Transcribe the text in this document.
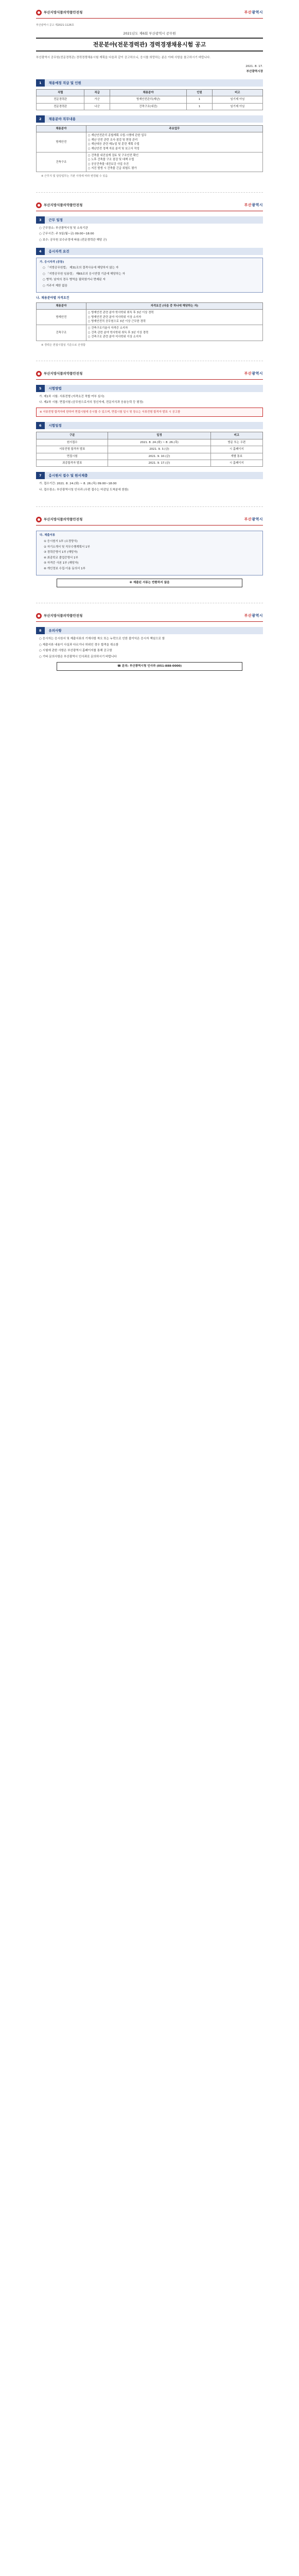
부산지방식품의약품안전청	부산광역시
부산광역시 공고 제2021-1126호
2021년도 제6회 부산광역시 공무원
전문분야(전문경력관) 경력경쟁채용시험 공고
부산광역시 공무원(전문경력관) 경력경쟁채용시험 계획을 다음과 같이 공고하오니, 응시를 희망하는 분은 아래 사항을 참고하시기 바랍니다.
2021. 8. 17.
부산광역시장
1	채용예정 직급 및 인원
직렬	직급	채용분야	인원	비고
전문경력관	가군	방재안전관리(재난)	1	임기제 아님
전문경력관	나군	건축구조(내진)	1	임기제 아님
2	채용분야 직무내용
채용분야	주요업무
방재안전	○ 재난안전관리 종합계획 수립·시행에 관한 업무
○ 재난 안전 관련 조사·점검 및 현장 관리
○ 재난대응 관련 매뉴얼 및 훈련 계획 수립
○ 재난안전 정책 자료 분석 및 보고서 작성
건축구조	○ 건축물 내진설계 검토 및 구조안전 확인
○ 노후 건축물 구조 점검 및 대책 수립
○ 공공건축물 내진보강 사업 추진
○ 지진 발생 시 건축물 긴급 위험도 평가
※ 근무지 및 담당업무는 기관 사정에 따라 변경될 수 있음
부산지방식품의약품안전청	부산광역시
3	근무 일정
○ 근무장소: 부산광역시청 및 소속기관
○ 근무시간: 주 5일(월~금) 09:00~18:00
○ 보수: 공무원 보수규정에 따름 (전문경력관 해당 군)
4	응시자격 요건
가. 응시자격 (공통)
○ 「지방공무원법」 제31조의 결격사유에 해당하지 않는 자
○ 「지방공무원 임용령」 제65조의 응시연령 기준에 해당하는 자
○ 병역: 남자의 경우 병역을 필하였거나 면제된 자
○ 거주지 제한 없음
나. 채용분야별 자격요건
채용분야	자격요건 (다음 중 하나에 해당하는 자)
방재안전	○ 방재안전 관련 분야 학사학위 취득 후 3년 이상 경력
○ 방재안전 관련 분야 석사학위 이상 소지자
○ 방재안전직 공무원으로 3년 이상 근무한 경력
건축구조	○ 건축구조기술사 자격증 소지자
○ 건축 관련 분야 학사학위 취득 후 3년 이상 경력
○ 건축구조 관련 분야 석사학위 이상 소지자
※ 경력은 면접시험일 기준으로 산정함
부산지방식품의약품안전청	부산광역시
5	시험방법
가. 제1차 시험: 서류전형 (자격요건 적합 여부 심사)
나. 제2차 시험: 면접시험 (공무원으로서의 정신자세, 전문지식과 응용능력 등 평정)
※ 서류전형 합격자에 한하여 면접시험에 응시할 수 있으며, 면접시험 일시 및 장소는 서류전형 합격자 발표 시 공고함
6	시험일정
구분	일정	비고
원서접수	2021. 8. 24.(화) ~ 8. 26.(목)	방문 또는 우편
서류전형 합격자 발표	2021. 9. 3.(금)	시 홈페이지
면접시험	2021. 9. 10.(금)	개별 통보
최종합격자 발표	2021. 9. 17.(금)	시 홈페이지
7	응시원서 접수 및 원서제출
가. 접수기간: 2021. 8. 24.(화) ~ 8. 26.(목) 09:00~18:00
나. 접수장소: 부산광역시청 인사과 (우편 접수는 마감일 도착분에 한함)
부산지방식품의약품안전청	부산광역시
다. 제출서류
① 응시원서 1부 (소정양식)
② 자기소개서 및 직무수행계획서 1부
③ 경력증명서 1부 (해당자)
④ 최종학교 졸업증명서 1부
⑤ 자격증 사본 1부 (해당자)
⑥ 개인정보 수집·이용 동의서 1부
※ 제출된 서류는 반환하지 않음
부산지방식품의약품안전청	부산광역시
8	유의사항
○ 응시자는 응시원서 및 제출서류의 기재사항 착오 또는 누락으로 인한 불이익은 응시자 책임으로 함
○ 제출서류 내용이 사실과 다르거나 허위인 경우 합격을 취소함
○ 시험에 관한 사항은 부산광역시 홈페이지를 통해 공고함
○ 기타 문의사항은 부산광역시 인사과로 문의하시기 바랍니다
☎ 문의: 부산광역시청 인사과 (051-888-0000)
